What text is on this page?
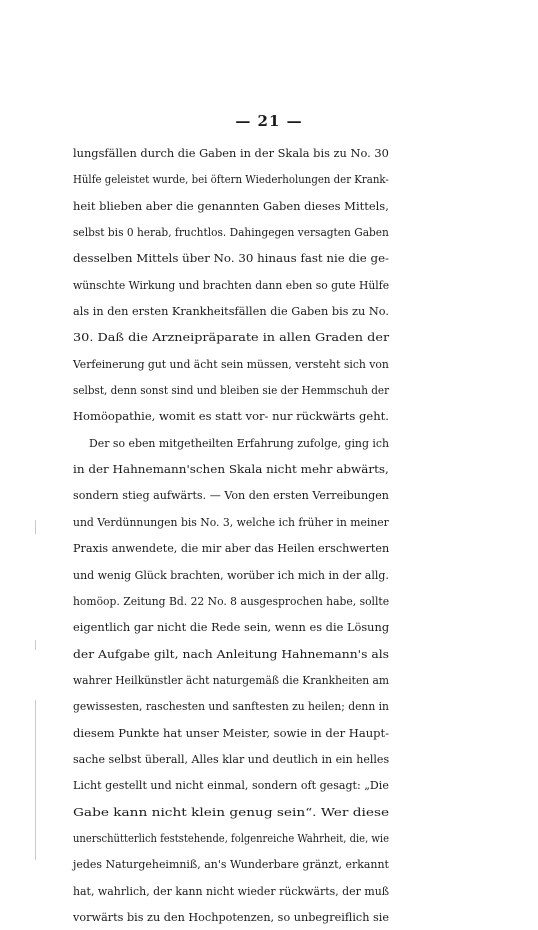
— 21 —
lungsfällen durch die Gaben in der Skala bis zu No. 30
Hülfe geleistet wurde, bei öftern Wiederholungen der Krank-
heit blieben aber die genannten Gaben dieses Mittels,
selbst bis 0 herab, fruchtlos. Dahingegen versagten Gaben
desselben Mittels über No. 30 hinaus fast nie die ge-
wünschte Wirkung und brachten dann eben so gute Hülfe
als in den ersten Krankheitsfällen die Gaben bis zu No.
30. Daß die Arzneipräparate in allen Graden der
Verfeinerung gut und ächt sein müssen, versteht sich von
selbst, denn sonst sind und bleiben sie der Hemmschuh der
Homöopathie, womit es statt vor- nur rückwärts geht.
Der so eben mitgetheilten Erfahrung zufolge, ging ich
in der Hahnemann'schen Skala nicht mehr abwärts,
sondern stieg aufwärts. — Von den ersten Verreibungen
und Verdünnungen bis No. 3, welche ich früher in meiner
Praxis anwendete, die mir aber das Heilen erschwerten
und wenig Glück brachten, worüber ich mich in der allg.
homöop. Zeitung Bd. 22 No. 8 ausgesprochen habe, sollte
eigentlich gar nicht die Rede sein, wenn es die Lösung
der Aufgabe gilt, nach Anleitung Hahnemann's als
wahrer Heilkünstler ächt naturgemäß die Krankheiten am
gewissesten, raschesten und sanftesten zu heilen; denn in
diesem Punkte hat unser Meister, sowie in der Haupt-
sache selbst überall, Alles klar und deutlich in ein helles
Licht gestellt und nicht einmal, sondern oft gesagt: „Die
Gabe kann nicht klein genug sein“. Wer diese
unerschütterlich feststehende, folgenreiche Wahrheit, die, wie
jedes Naturgeheimniß, an's Wunderbare gränzt, erkannt
hat, wahrlich, der kann nicht wieder rückwärts, der muß
vorwärts bis zu den Hochpotenzen, so unbegreiflich sie
